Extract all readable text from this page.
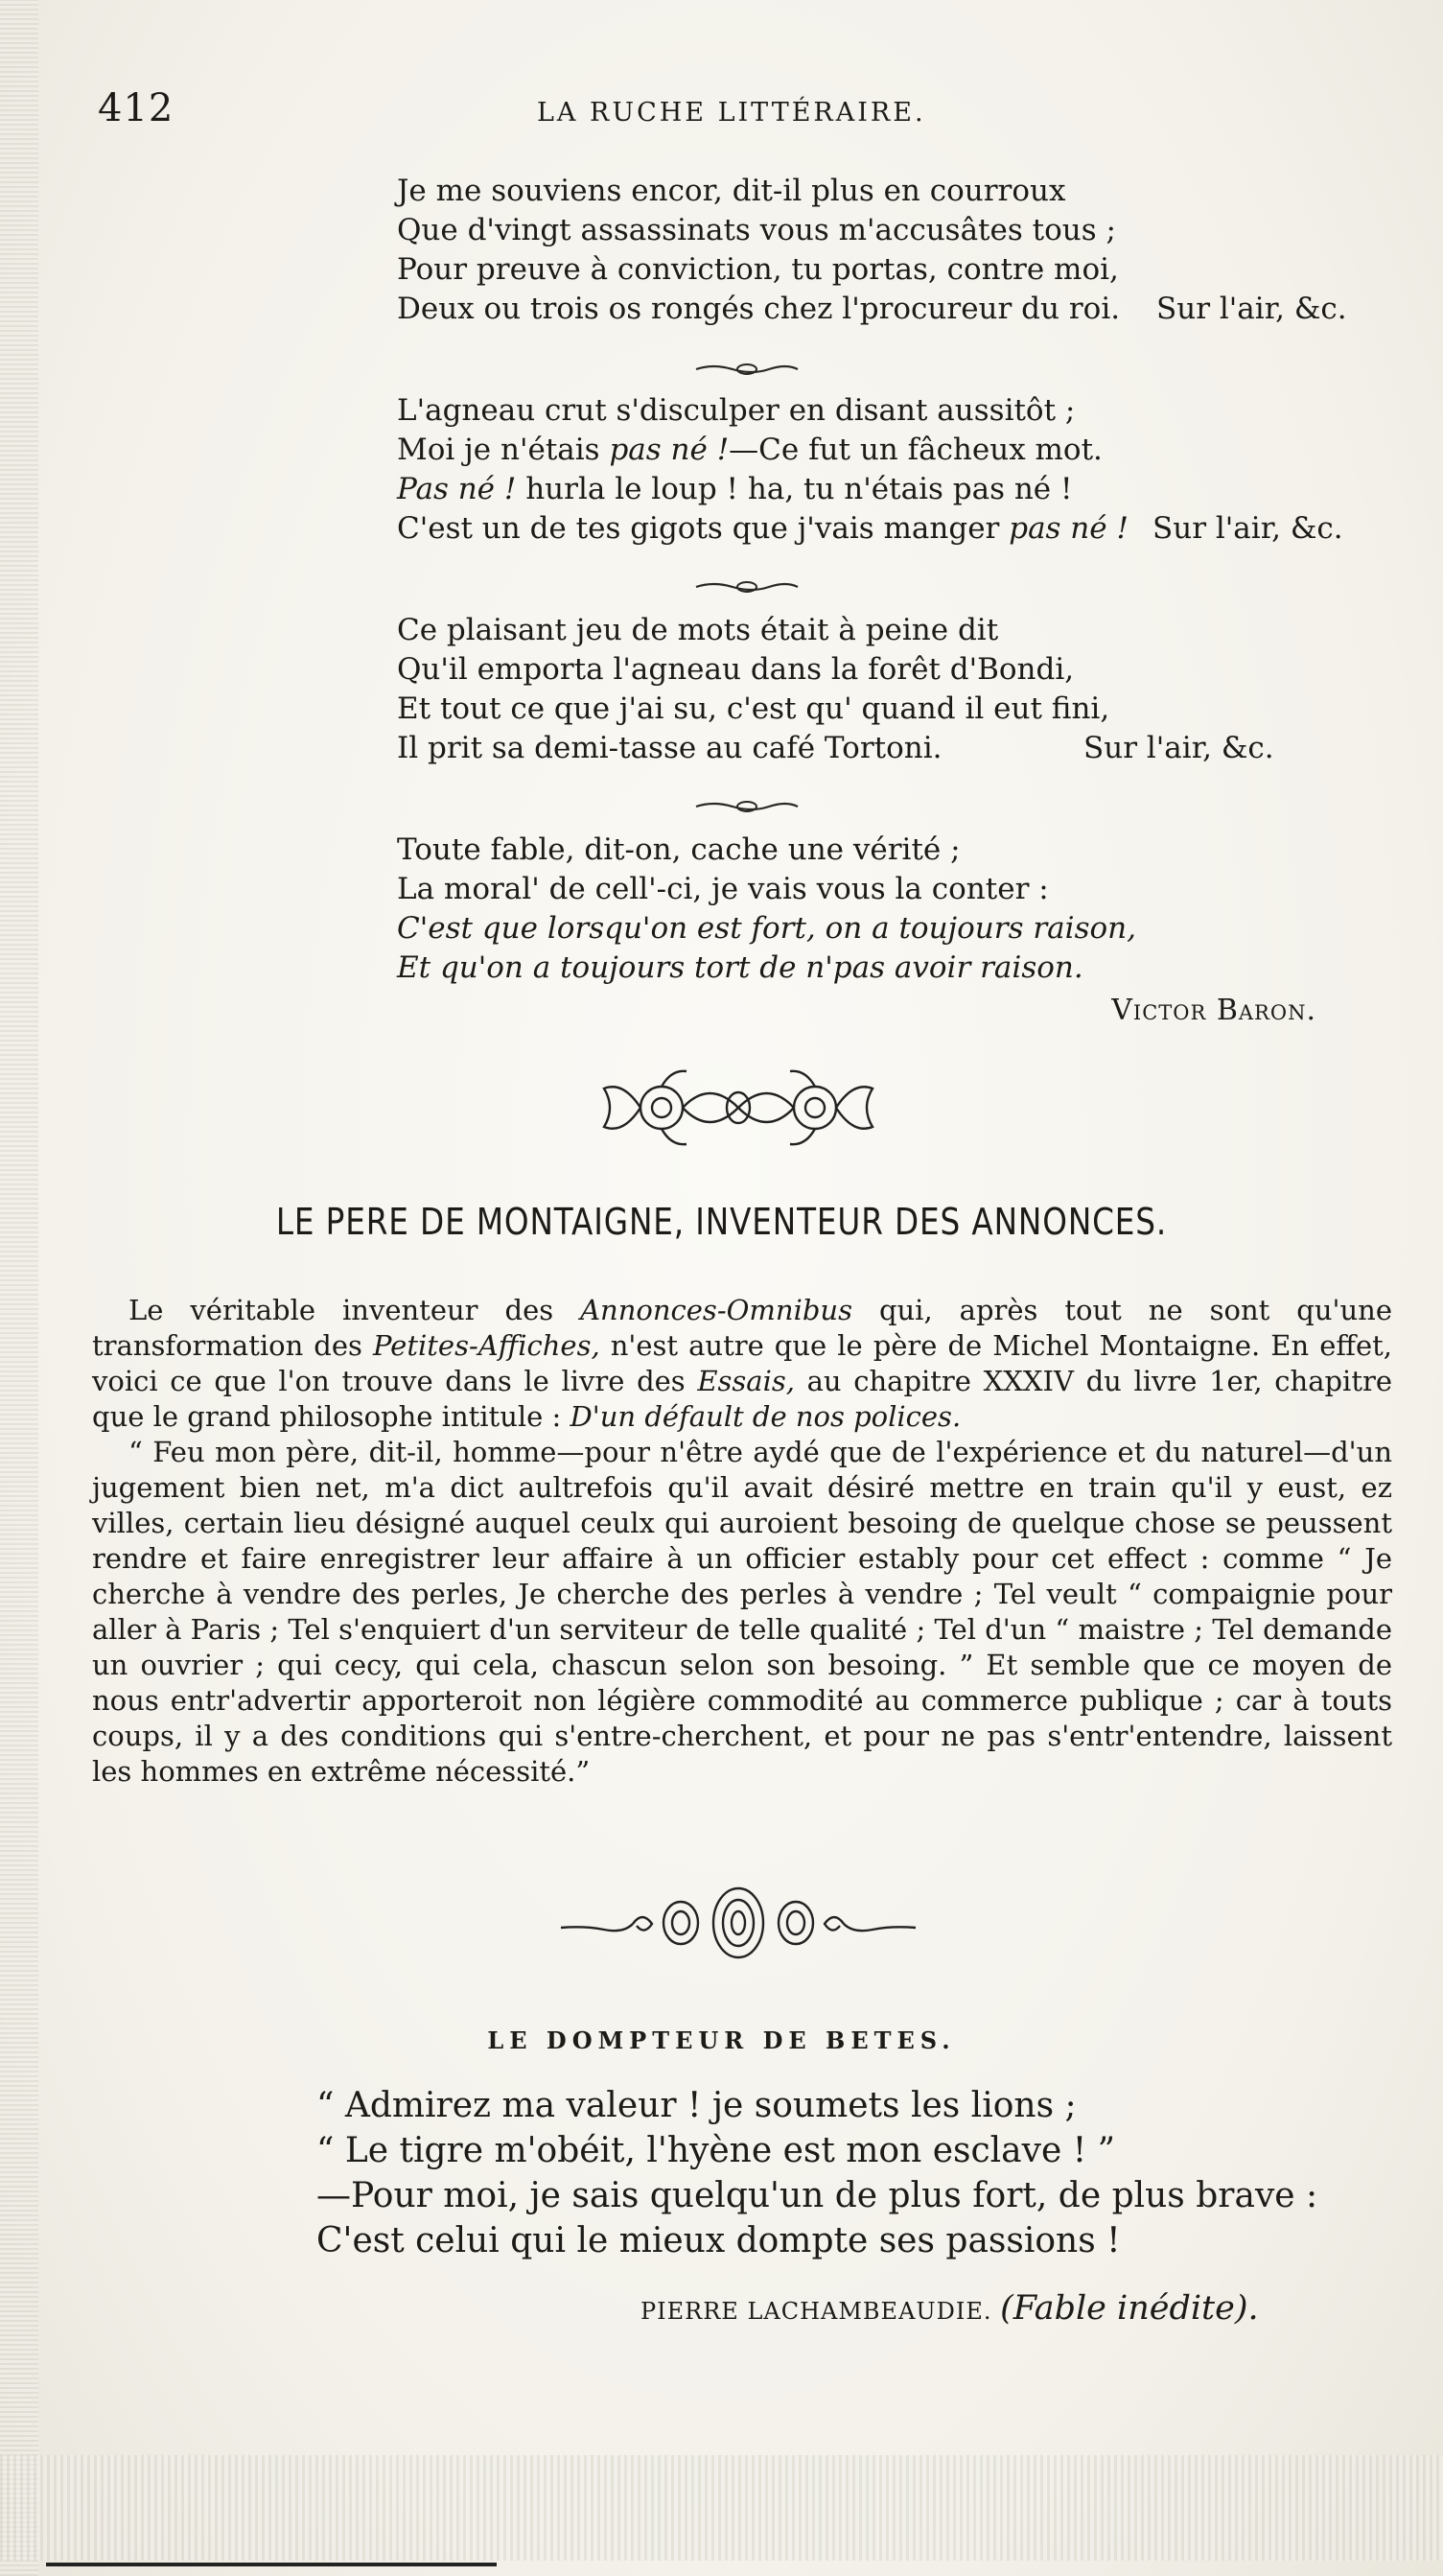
412	LA RUCHE LITTÉRAIRE.
Je me souviens encor, dit-il plus en courroux
Que d'vingt assassinats vous m'accusâtes tous ;
Pour preuve à conviction, tu portas, contre moi,
Deux ou trois os rongés chez l'procureur du roi. Sur l'air, &c.
L'agneau crut s'disculper en disant aussitôt ;
Moi je n'étais pas né !—Ce fut un fâcheux mot.
Pas né ! hurla le loup ! ha, tu n'étais pas né !
C'est un de tes gigots que j'vais manger pas né ! Sur l'air, &c.
Ce plaisant jeu de mots était à peine dit
Qu'il emporta l'agneau dans la forêt d'Bondi,
Et tout ce que j'ai su, c'est qu' quand il eut fini,
Il prit sa demi-tasse au café Tortoni.	Sur l'air, &c.
Toute fable, dit-on, cache une vérité ;
La moral' de cell'-ci, je vais vous la conter :
C'est que lorsqu'on est fort, on a toujours raison,
Et qu'on a toujours tort de n'pas avoir raison.
Victor Baron.
LE PERE DE MONTAIGNE, INVENTEUR DES ANNONCES.

Le véritable inventeur des Annonces-Omnibus qui, après tout ne sont qu'une transformation des Petites-Affiches, n'est autre que le père de Michel Montaigne. En effet, voici ce que l'on trouve dans le livre des Essais, au chapitre XXXIV du livre 1er, chapitre que le grand philosophe intitule : D'un défault de nos polices.

“ Feu mon père, dit-il, homme—pour n'être aydé que de l'expérience et du naturel—d'un jugement bien net, m'a dict aultrefois qu'il avait désiré mettre en train qu'il y eust, ez villes, certain lieu désigné auquel ceulx qui auroient besoing de quelque chose se peussent rendre et faire enregistrer leur affaire à un officier estably pour cet effect : comme “ Je cherche à vendre des perles, Je cherche des perles à vendre ; Tel veult “ compaignie pour aller à Paris ; Tel s'enquiert d'un serviteur de telle qualité ; Tel d'un “ maistre ; Tel demande un ouvrier ; qui cecy, qui cela, chascun selon son besoing. ” Et semble que ce moyen de nous entr'advertir apporteroit non légière commodité au commerce publique ; car à touts coups, il y a des conditions qui s'entre-cherchent, et pour ne pas s'entr'entendre, laissent les hommes en extrême nécessité.”

LE DOMPTEUR DE BETES.
“ Admirez ma valeur ! je soumets les lions ;
“ Le tigre m'obéit, l'hyène est mon esclave ! ”
—Pour moi, je sais quelqu'un de plus fort, de plus brave :
C'est celui qui le mieux dompte ses passions !
PIERRE LACHAMBEAUDIE. (Fable inédite).
